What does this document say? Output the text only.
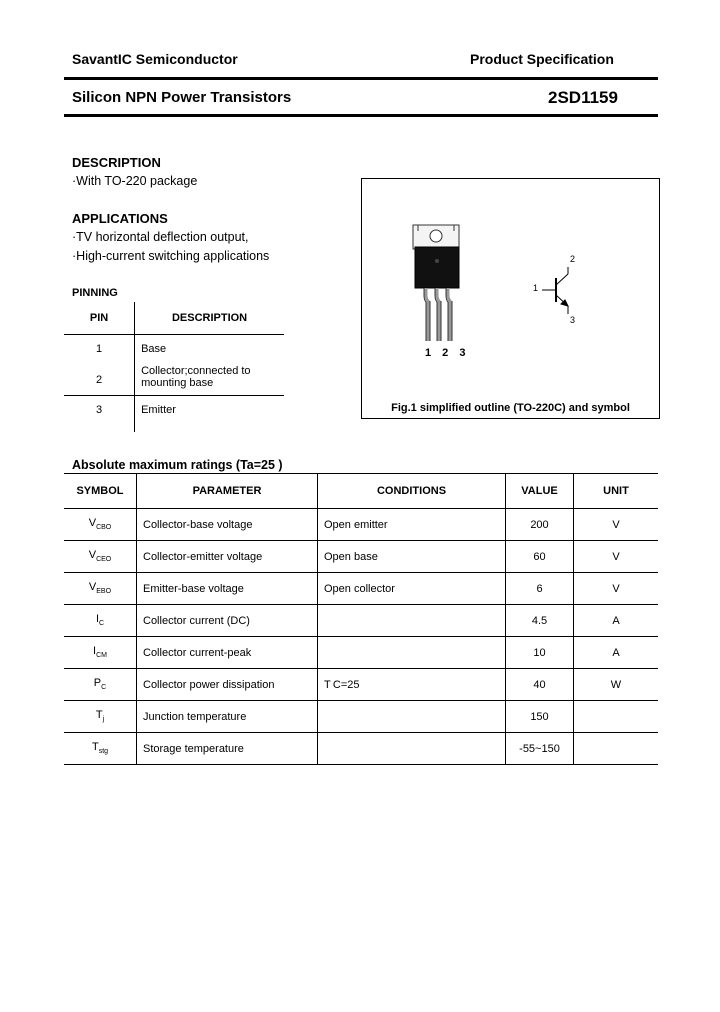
SavantIC Semiconductor	Product Specification
Silicon NPN Power Transistors	2SD1159
DESCRIPTION
·With TO-220 package
APPLICATIONS
·TV horizontal deflection output,
·High-current switching applications
PINNING
PIN	DESCRIPTION
1	Base
2	Collector;connected to mounting base
3	Emitter
1 2 3
1
2
3
Fig.1 simplified outline (TO-220C) and symbol
Absolute maximum ratings (Ta=25 )
SYMBOL	PARAMETER	CONDITIONS	VALUE	UNIT
$V_{CBO}$	Collector-base voltage	Open emitter	200	V
$V_{CEO}$	Collector-emitter voltage	Open base	60	V
$V_{EBO}$	Emitter-base voltage	Open collector	6	V
$I_C$	Collector current (DC)		4.5	A
$I_{CM}$	Collector current-peak		10	A
$P_C$	Collector power dissipation	T C=25	40	W
$T_j$	Junction temperature		150	
$T_{stg}$	Storage temperature		-55~150	
